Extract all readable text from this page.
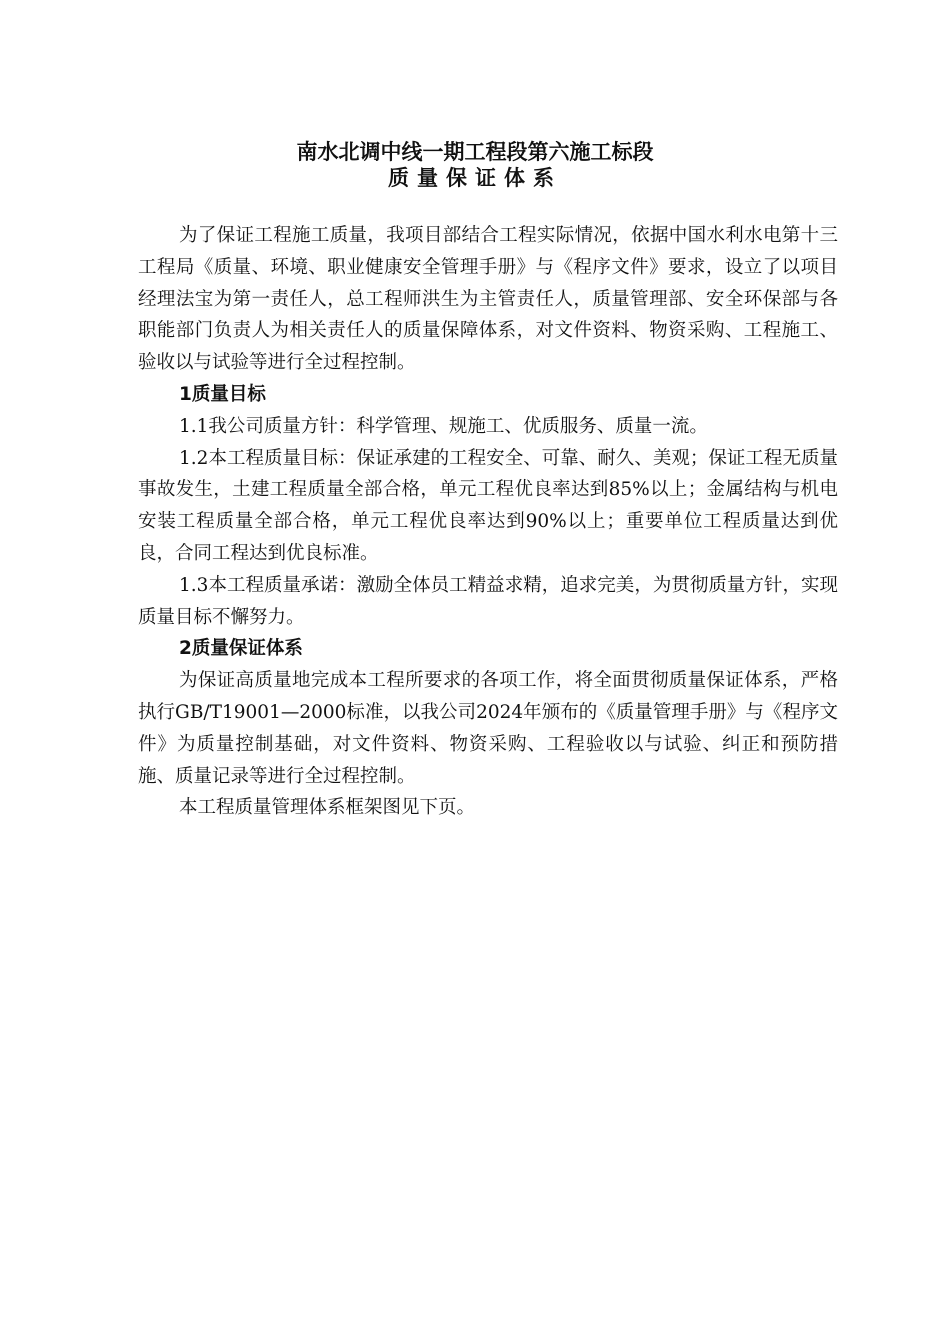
南水北调中线一期工程段第六施工标段
质量保证体系

为了保证工程施工质量，我项目部结合工程实际情况，依据中国水利水电第十三工程局《质量、环境、职业健康安全管理手册》与《程序文件》要求，设立了以项目经理法宝为第一责任人，总工程师洪生为主管责任人，质量管理部、安全环保部与各职能部门负责人为相关责任人的质量保障体系，对文件资料、物资采购、工程施工、验收以与试验等进行全过程控制。

1质量目标

1.1我公司质量方针：科学管理、规施工、优质服务、质量一流。

1.2本工程质量目标：保证承建的工程安全、可靠、耐久、美观；保证工程无质量事故发生，土建工程质量全部合格，单元工程优良率达到85%以上；金属结构与机电安装工程质量全部合格，单元工程优良率达到90%以上；重要单位工程质量达到优良，合同工程达到优良标准。

1.3本工程质量承诺：激励全体员工精益求精，追求完美，为贯彻质量方针，实现质量目标不懈努力。

2质量保证体系

为保证高质量地完成本工程所要求的各项工作，将全面贯彻质量保证体系，严格执行GB/T19001—2000标准，以我公司2024年颁布的《质量管理手册》与《程序文件》为质量控制基础，对文件资料、物资采购、工程验收以与试验、纠正和预防措施、质量记录等进行全过程控制。

本工程质量管理体系框架图见下页。
